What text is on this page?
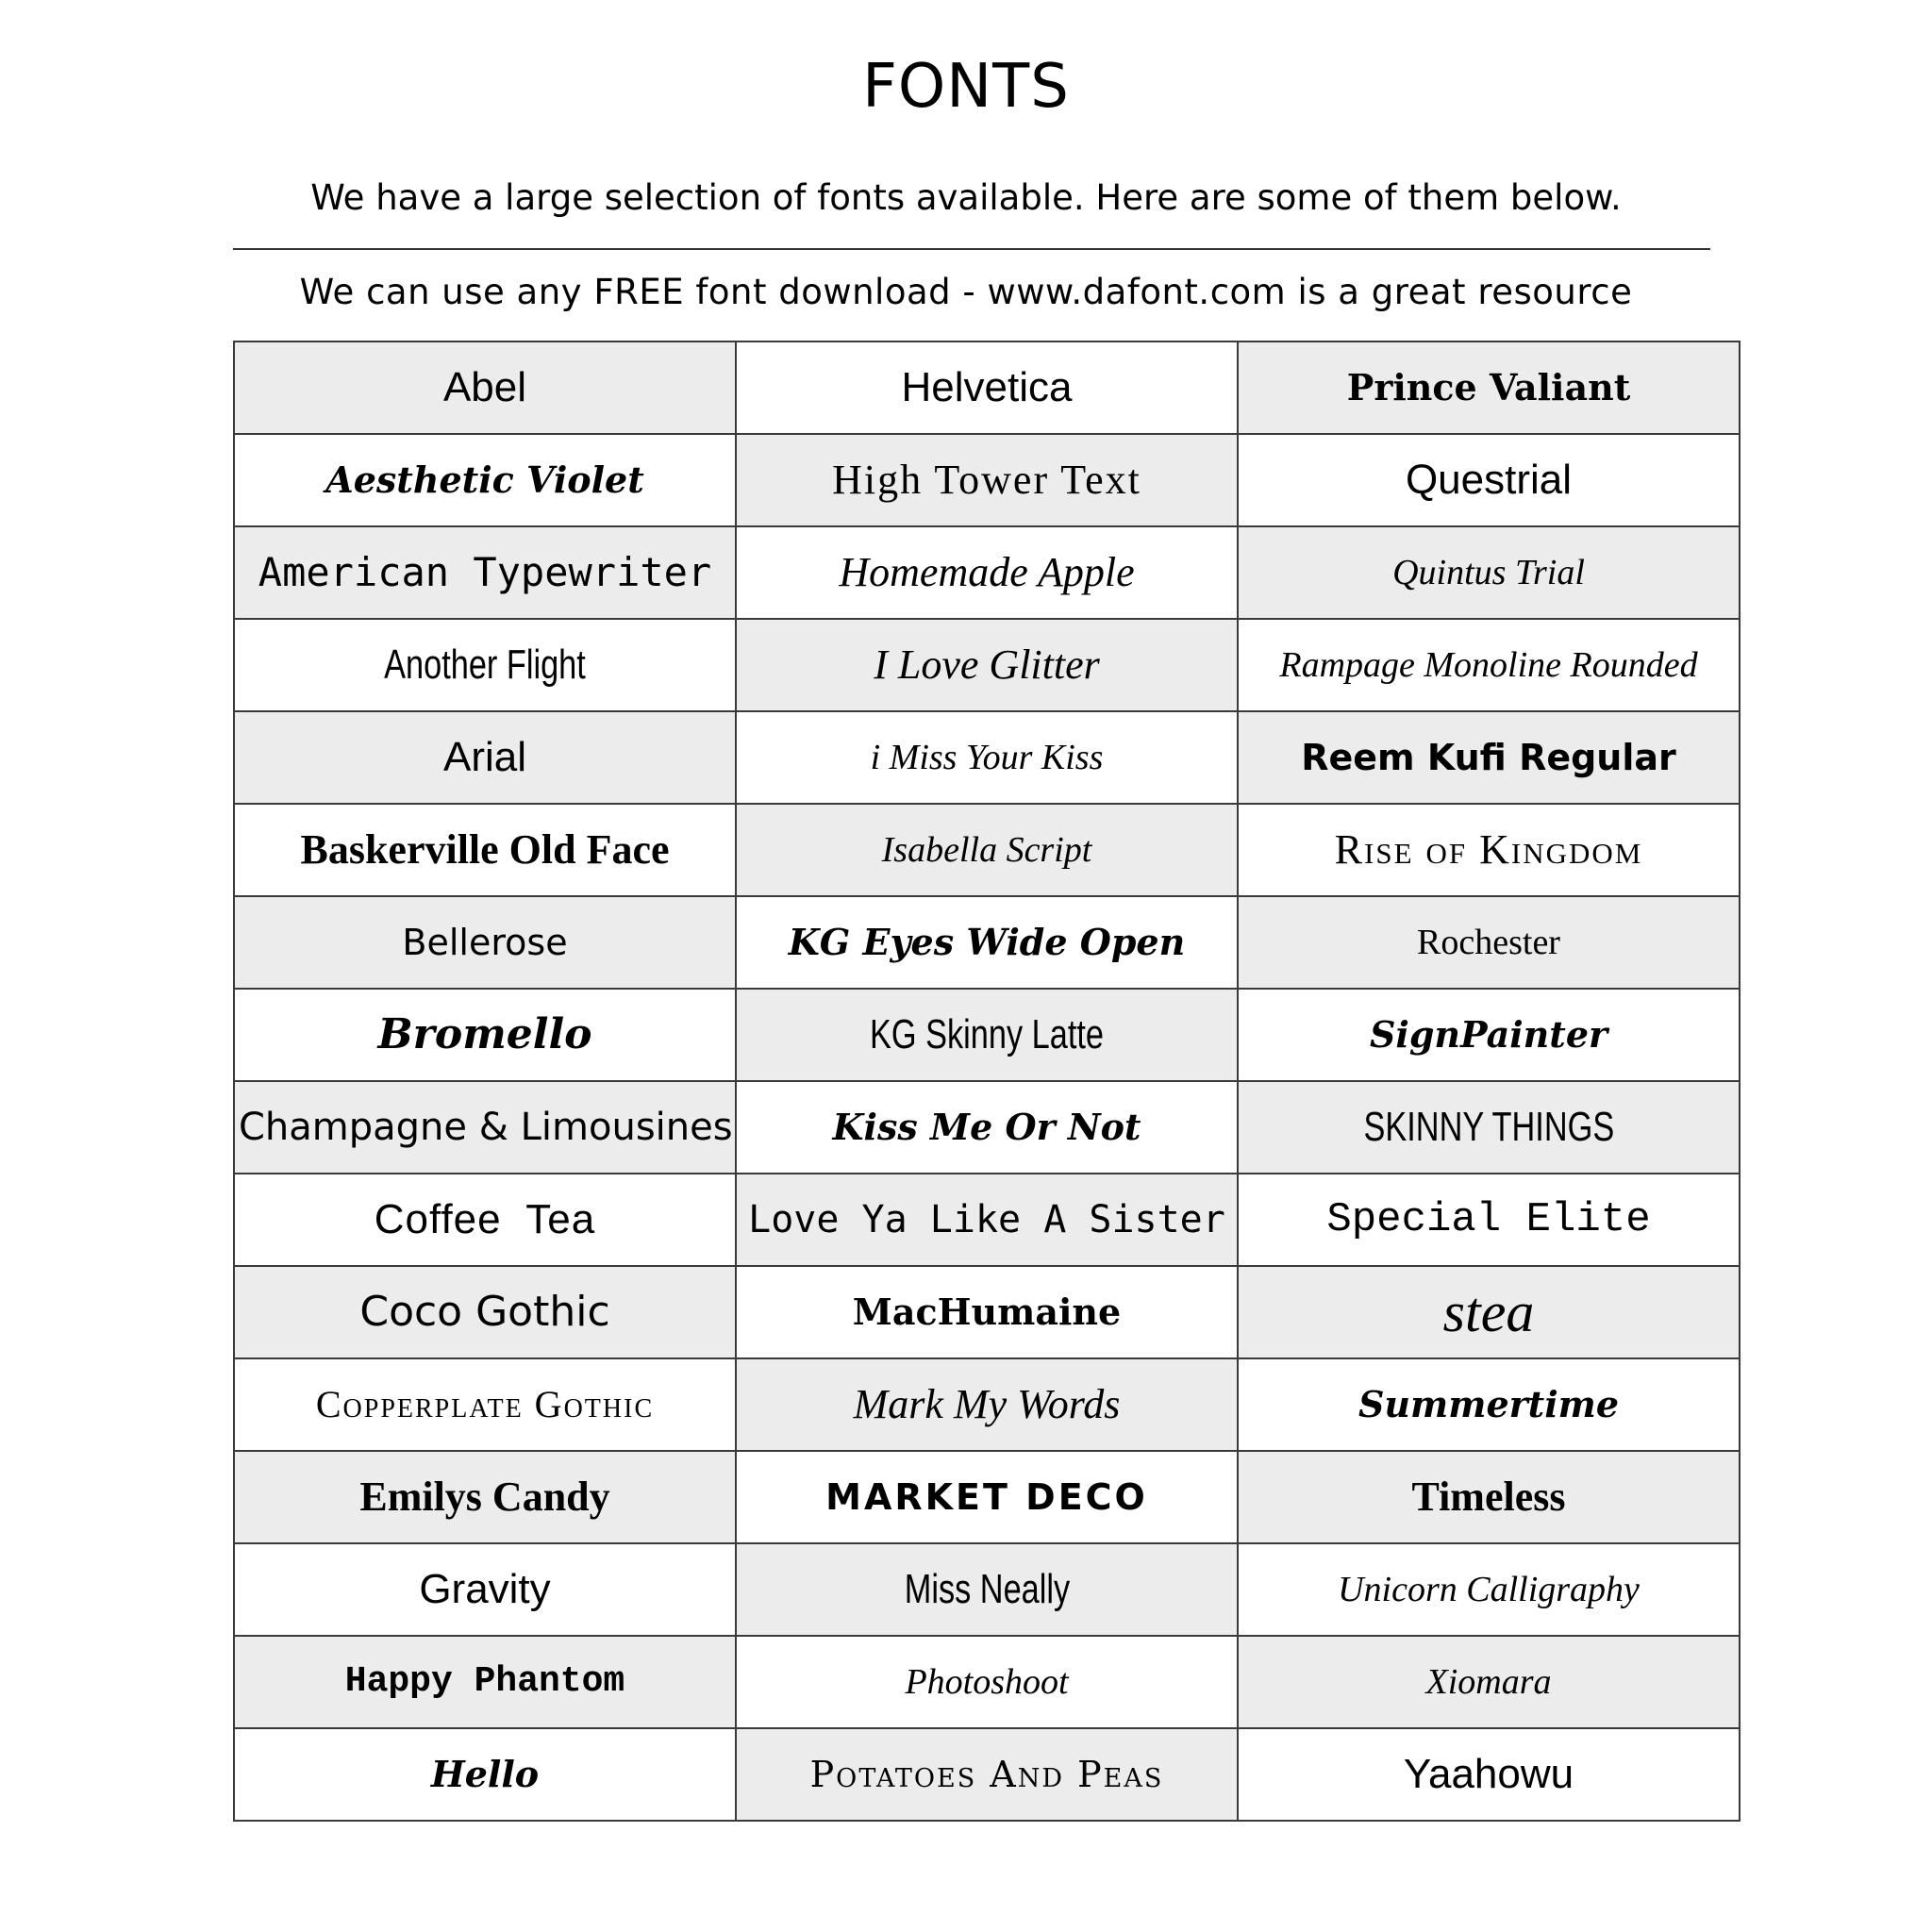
FONTS
We have a large selection of fonts available. Here are some of them below.
We can use any FREE font download - www.dafont.com is a great resource
Abel	Helvetica	Prince Valiant
Aesthetic Violet	High Tower Text	Questrial
American Typewriter	Homemade Apple	Quintus Trial
Another Flight	I Love Glitter	Rampage Monoline Rounded
Arial	i Miss Your Kiss	Reem Kufi Regular
Baskerville Old Face	Isabella Script	Rise of Kingdom
Bellerose	KG Eyes Wide Open	Rochester
Bromello	KG Skinny Latte	SignPainter
Champagne & Limousines	Kiss Me Or Not	SKINNY THINGS
Coffee  Tea	Love Ya Like A Sister	Special Elite
Coco Gothic	MacHumaine	stea
Copperplate Gothic	Mark My Words	Summertime
Emilys Candy	MARKET DECO	Timeless
Gravity	Miss Neally	Unicorn Calligraphy
Happy Phantom	Photoshoot	Xiomara
Hello	Potatoes And Peas	Yaahowu
